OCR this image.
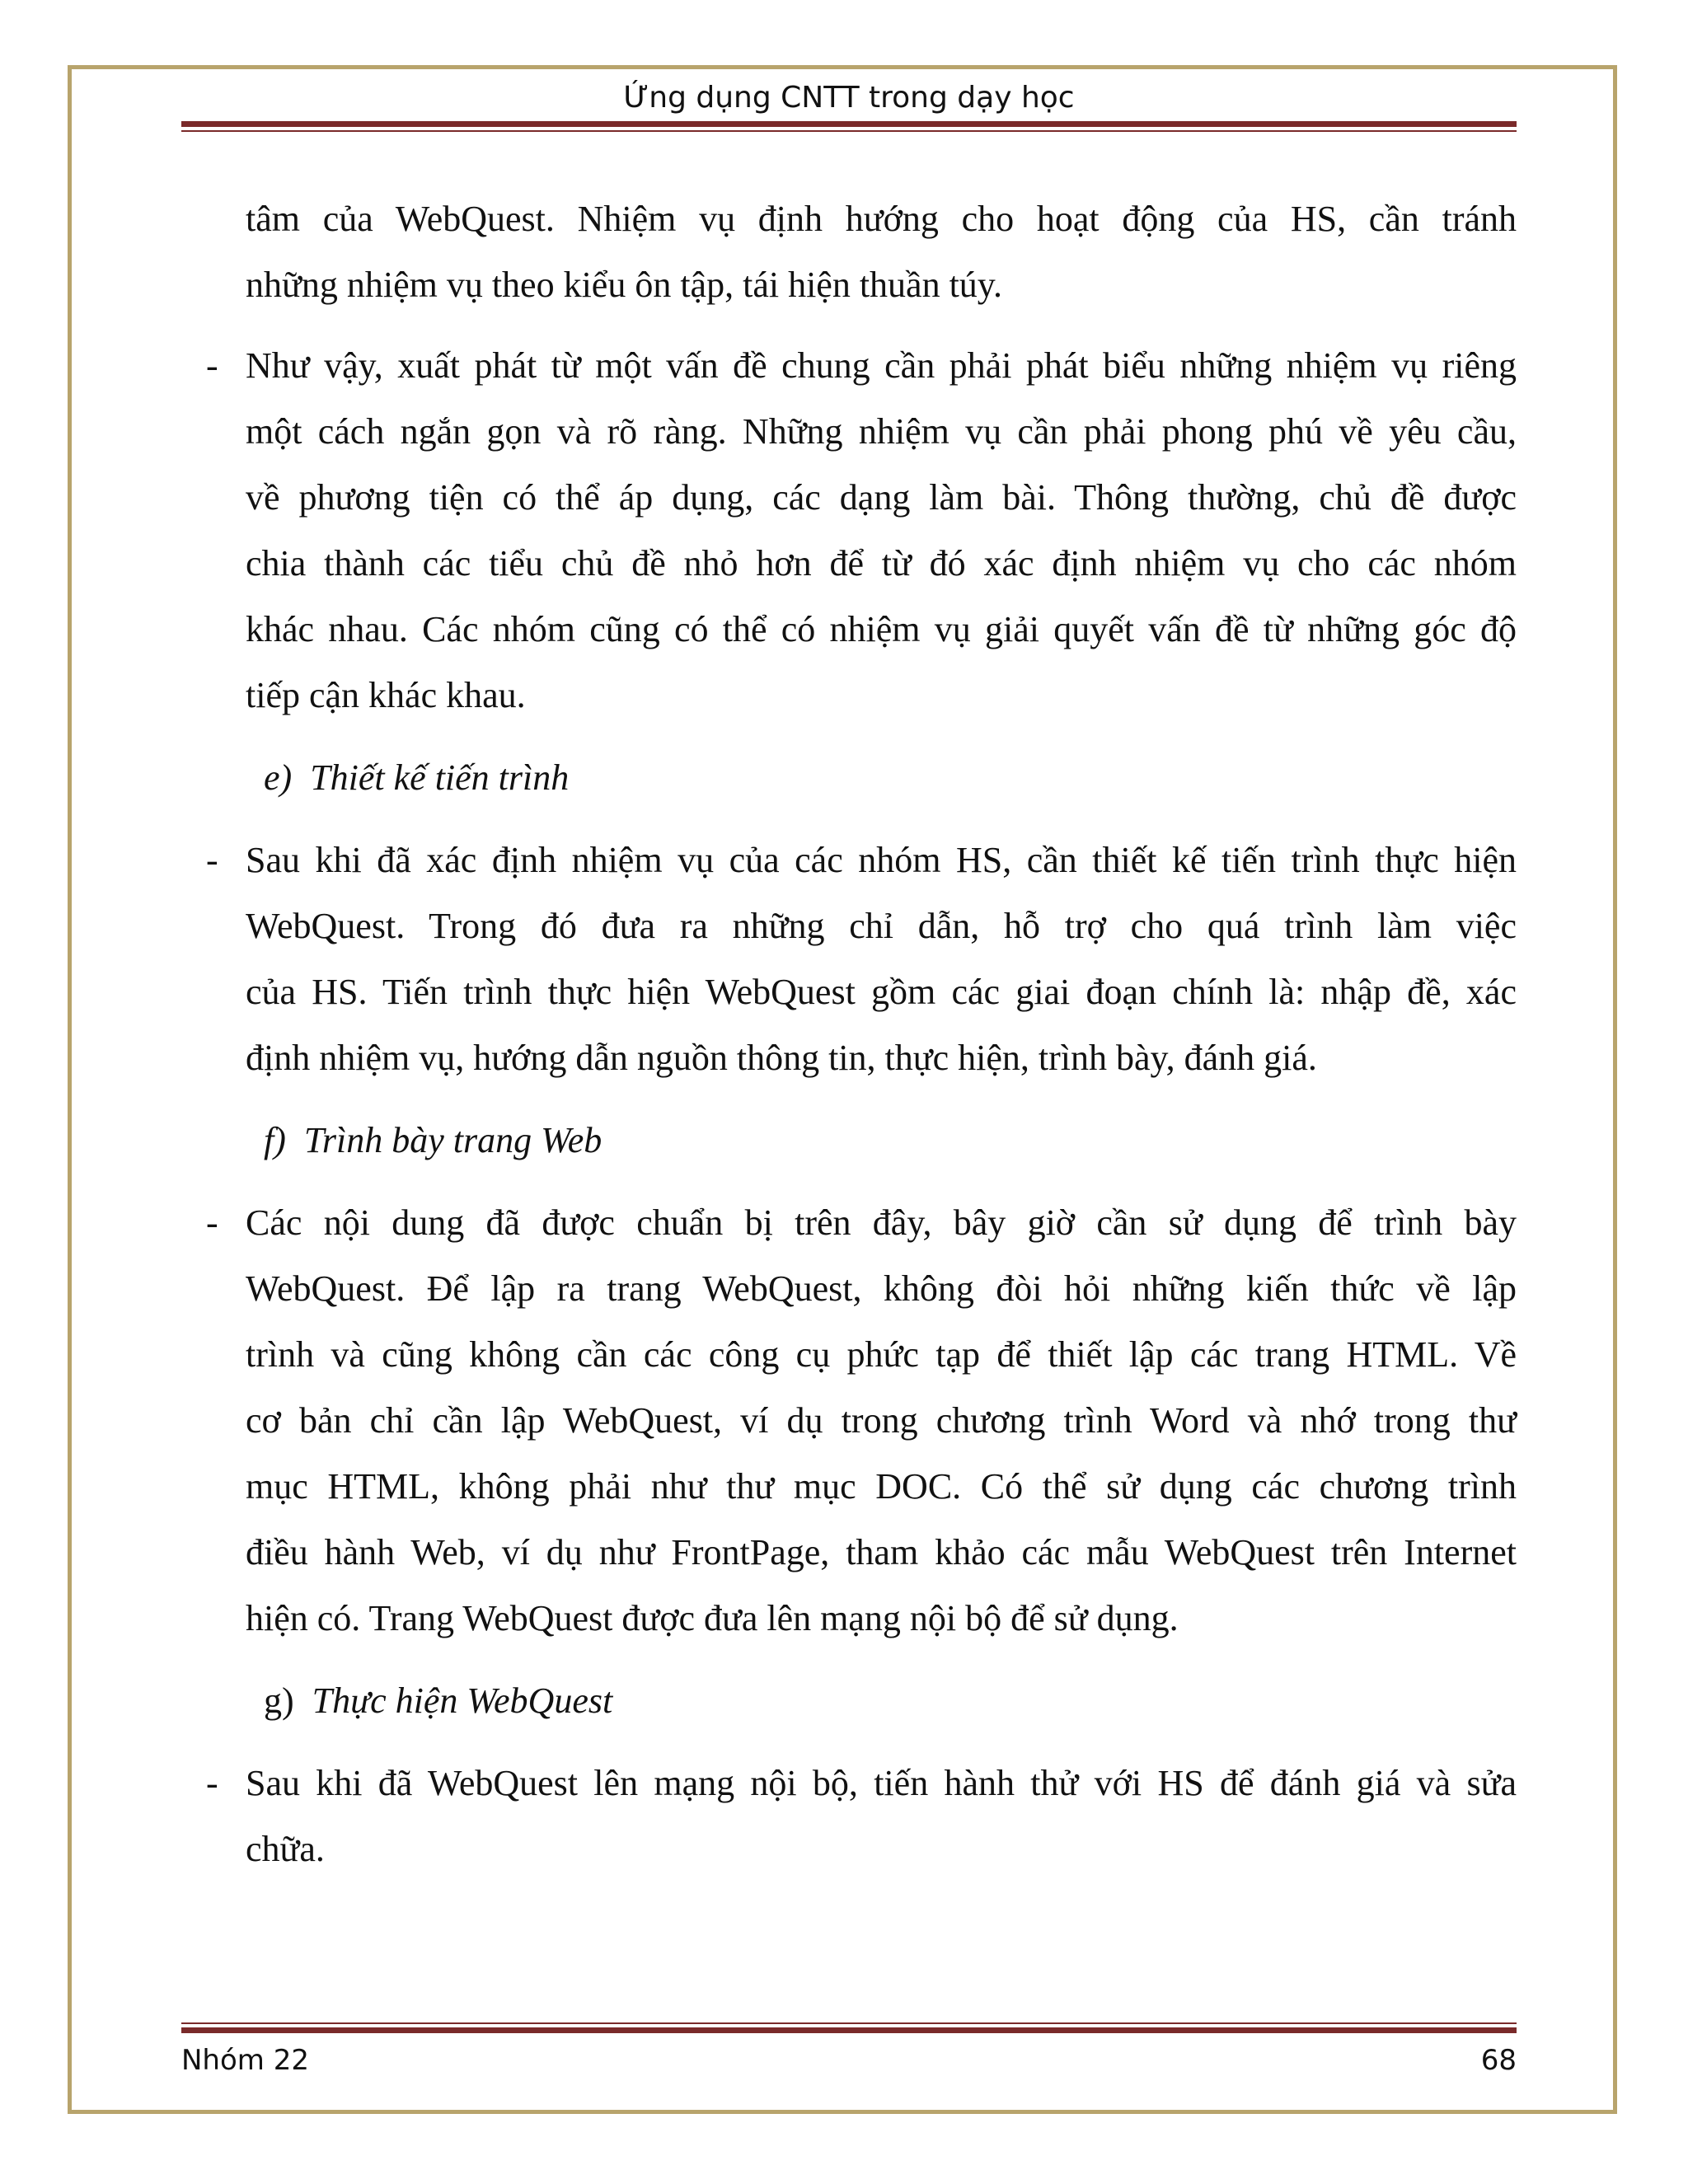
Ứng dụng CNTT trong dạy học
tâm của WebQuest. Nhiệm vụ định hướng cho hoạt động của HS, cần tránh
những nhiệm vụ theo kiểu ôn tập, tái hiện thuần túy.
- Như vậy, xuất phát từ một vấn đề chung cần phải phát biểu những nhiệm vụ riêng
một cách ngắn gọn và rõ ràng. Những nhiệm vụ cần phải phong phú về yêu cầu,
về phương tiện có thể áp dụng, các dạng làm bài. Thông thường, chủ đề được
chia thành các tiểu chủ đề nhỏ hơn để từ đó xác định nhiệm vụ cho các nhóm
khác nhau. Các nhóm cũng có thể có nhiệm vụ giải quyết vấn đề từ những góc độ
tiếp cận khác khau.
e) Thiết kế tiến trình
- Sau khi đã xác định nhiệm vụ của các nhóm HS, cần thiết kế tiến trình thực hiện
WebQuest. Trong đó đưa ra những chỉ dẫn, hỗ trợ cho quá trình làm việc
của HS. Tiến trình thực hiện WebQuest gồm các giai đoạn chính là: nhập đề, xác
định nhiệm vụ, hướng dẫn nguồn thông tin, thực hiện, trình bày, đánh giá.
f) Trình bày trang Web
- Các nội dung đã được chuẩn bị trên đây, bây giờ cần sử dụng để trình bày
WebQuest. Để lập ra trang WebQuest, không đòi hỏi những kiến thức về lập
trình và cũng không cần các công cụ phức tạp để thiết lập các trang HTML. Về
cơ bản chỉ cần lập WebQuest, ví dụ trong chương trình Word và nhớ trong thư
mục HTML, không phải như thư mục DOC. Có thể sử dụng các chương trình
điều hành Web, ví dụ như FrontPage, tham khảo các mẫu WebQuest trên Internet
hiện có. Trang WebQuest được đưa lên mạng nội bộ để sử dụng.
g) Thực hiện WebQuest
- Sau khi đã WebQuest lên mạng nội bộ, tiến hành thử với HS để đánh giá và sửa
chữa.
Nhóm 22	68
